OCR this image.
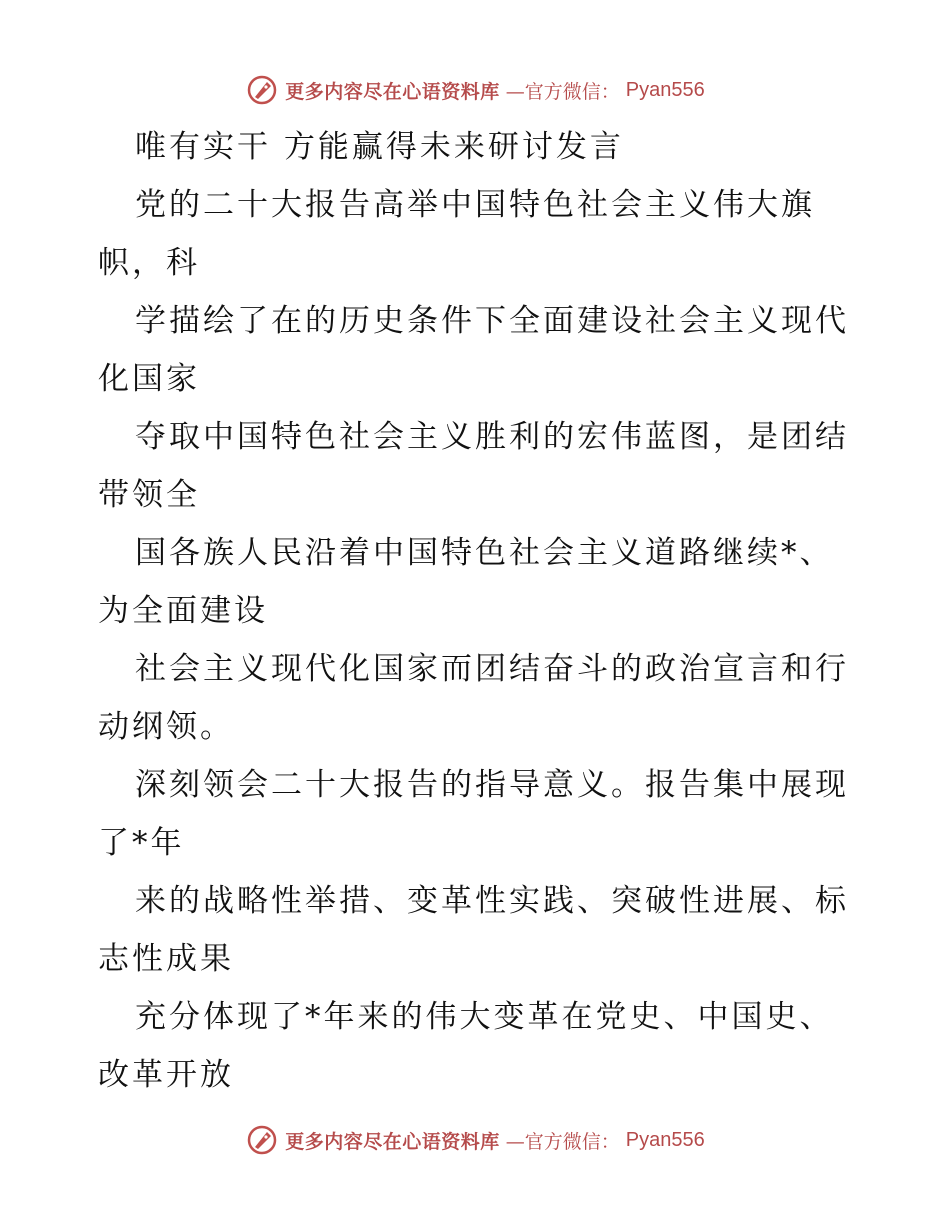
更多内容尽在心语资料库 —官方微信： Pyan556
唯有实干 方能赢得未来研讨发言
党的二十大报告高举中国特色社会主义伟大旗
帜，科
学描绘了在的历史条件下全面建设社会主义现代
化国家
夺取中国特色社会主义胜利的宏伟蓝图，是团结
带领全
国各族人民沿着中国特色社会主义道路继续*、
为全面建设
社会主义现代化国家而团结奋斗的政治宣言和行
动纲领。
深刻领会二十大报告的指导意义。报告集中展现
了*年
来的战略性举措、变革性实践、突破性进展、标
志性成果
充分体现了*年来的伟大变革在党史、中国史、
改革开放
更多内容尽在心语资料库 —官方微信： Pyan556
